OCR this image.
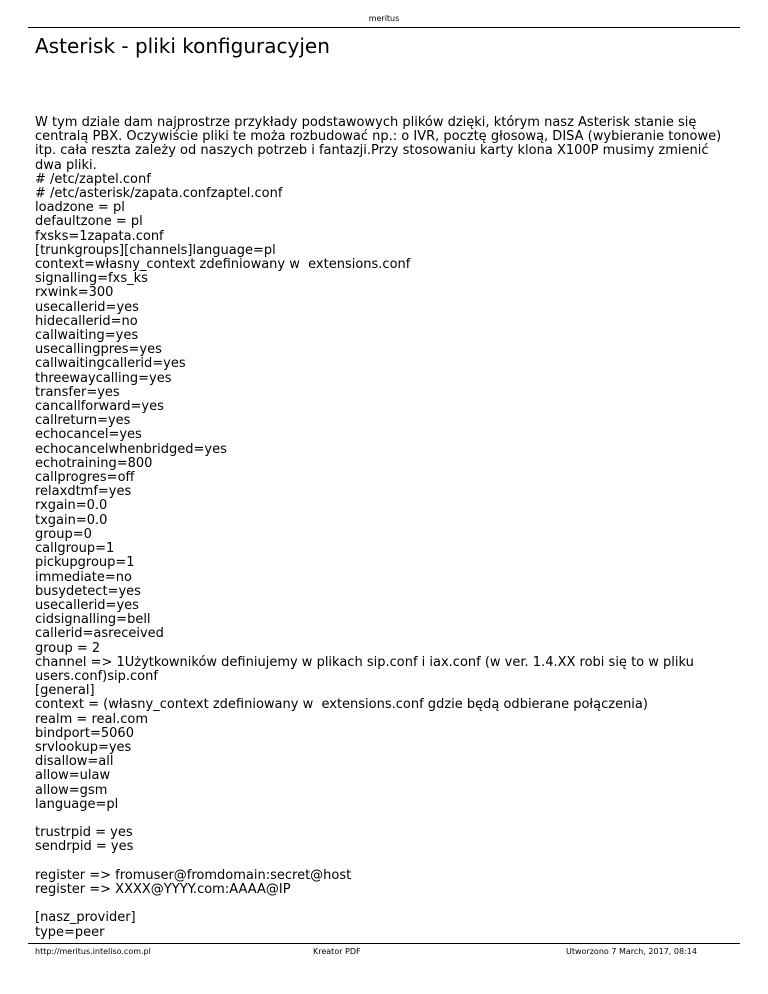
meritus
Asterisk - pliki konfiguracyjen

W tym dziale dam najprostrze przykłady podstawowych plików dzięki, którym nasz Asterisk stanie się centralą PBX. Oczywiście pliki te moża rozbudować np.: o IVR, pocztę głosową, DISA (wybieranie tonowe) itp. cała reszta zależy od naszych potrzeb i fantazji.Przy stosowaniu karty klona X100P musimy zmienić dwa pliki.

# /etc/zaptel.conf
# /etc/asterisk/zapata.confzaptel.conf
loadzone = pl
defaultzone = pl
fxsks=1zapata.conf
[trunkgroups][channels]language=pl
context=własny_context zdefiniowany w  extensions.conf
signalling=fxs_ks
rxwink=300
usecallerid=yes
hidecallerid=no
callwaiting=yes
usecallingpres=yes
callwaitingcallerid=yes
threewaycalling=yes
transfer=yes
cancallforward=yes
callreturn=yes
echocancel=yes
echocancelwhenbridged=yes
echotraining=800
callprogres=off
relaxdtmf=yes
rxgain=0.0
txgain=0.0
group=0
callgroup=1
pickupgroup=1
immediate=no
busydetect=yes
usecallerid=yes
cidsignalling=bell
callerid=asreceived
group = 2
channel => 1Użytkowników definiujemy w plikach sip.conf i iax.conf (w ver. 1.4.XX robi się to w pliku
users.conf)sip.conf
[general]
context = (własny_context zdefiniowany w  extensions.conf gdzie będą odbierane połączenia)
realm = real.com
bindport=5060
srvlookup=yes
disallow=all
allow=ulaw
allow=gsm
language=pl
trustrpid = yes
sendrpid = yes
register => fromuser@fromdomain:secret@host
register => XXXX@YYYY.com:AAAA@IP
[nasz_provider]
type=peer
http://meritus.inteliso.com.pl	Kreator PDF	Utworzono 7 March, 2017, 08:14
